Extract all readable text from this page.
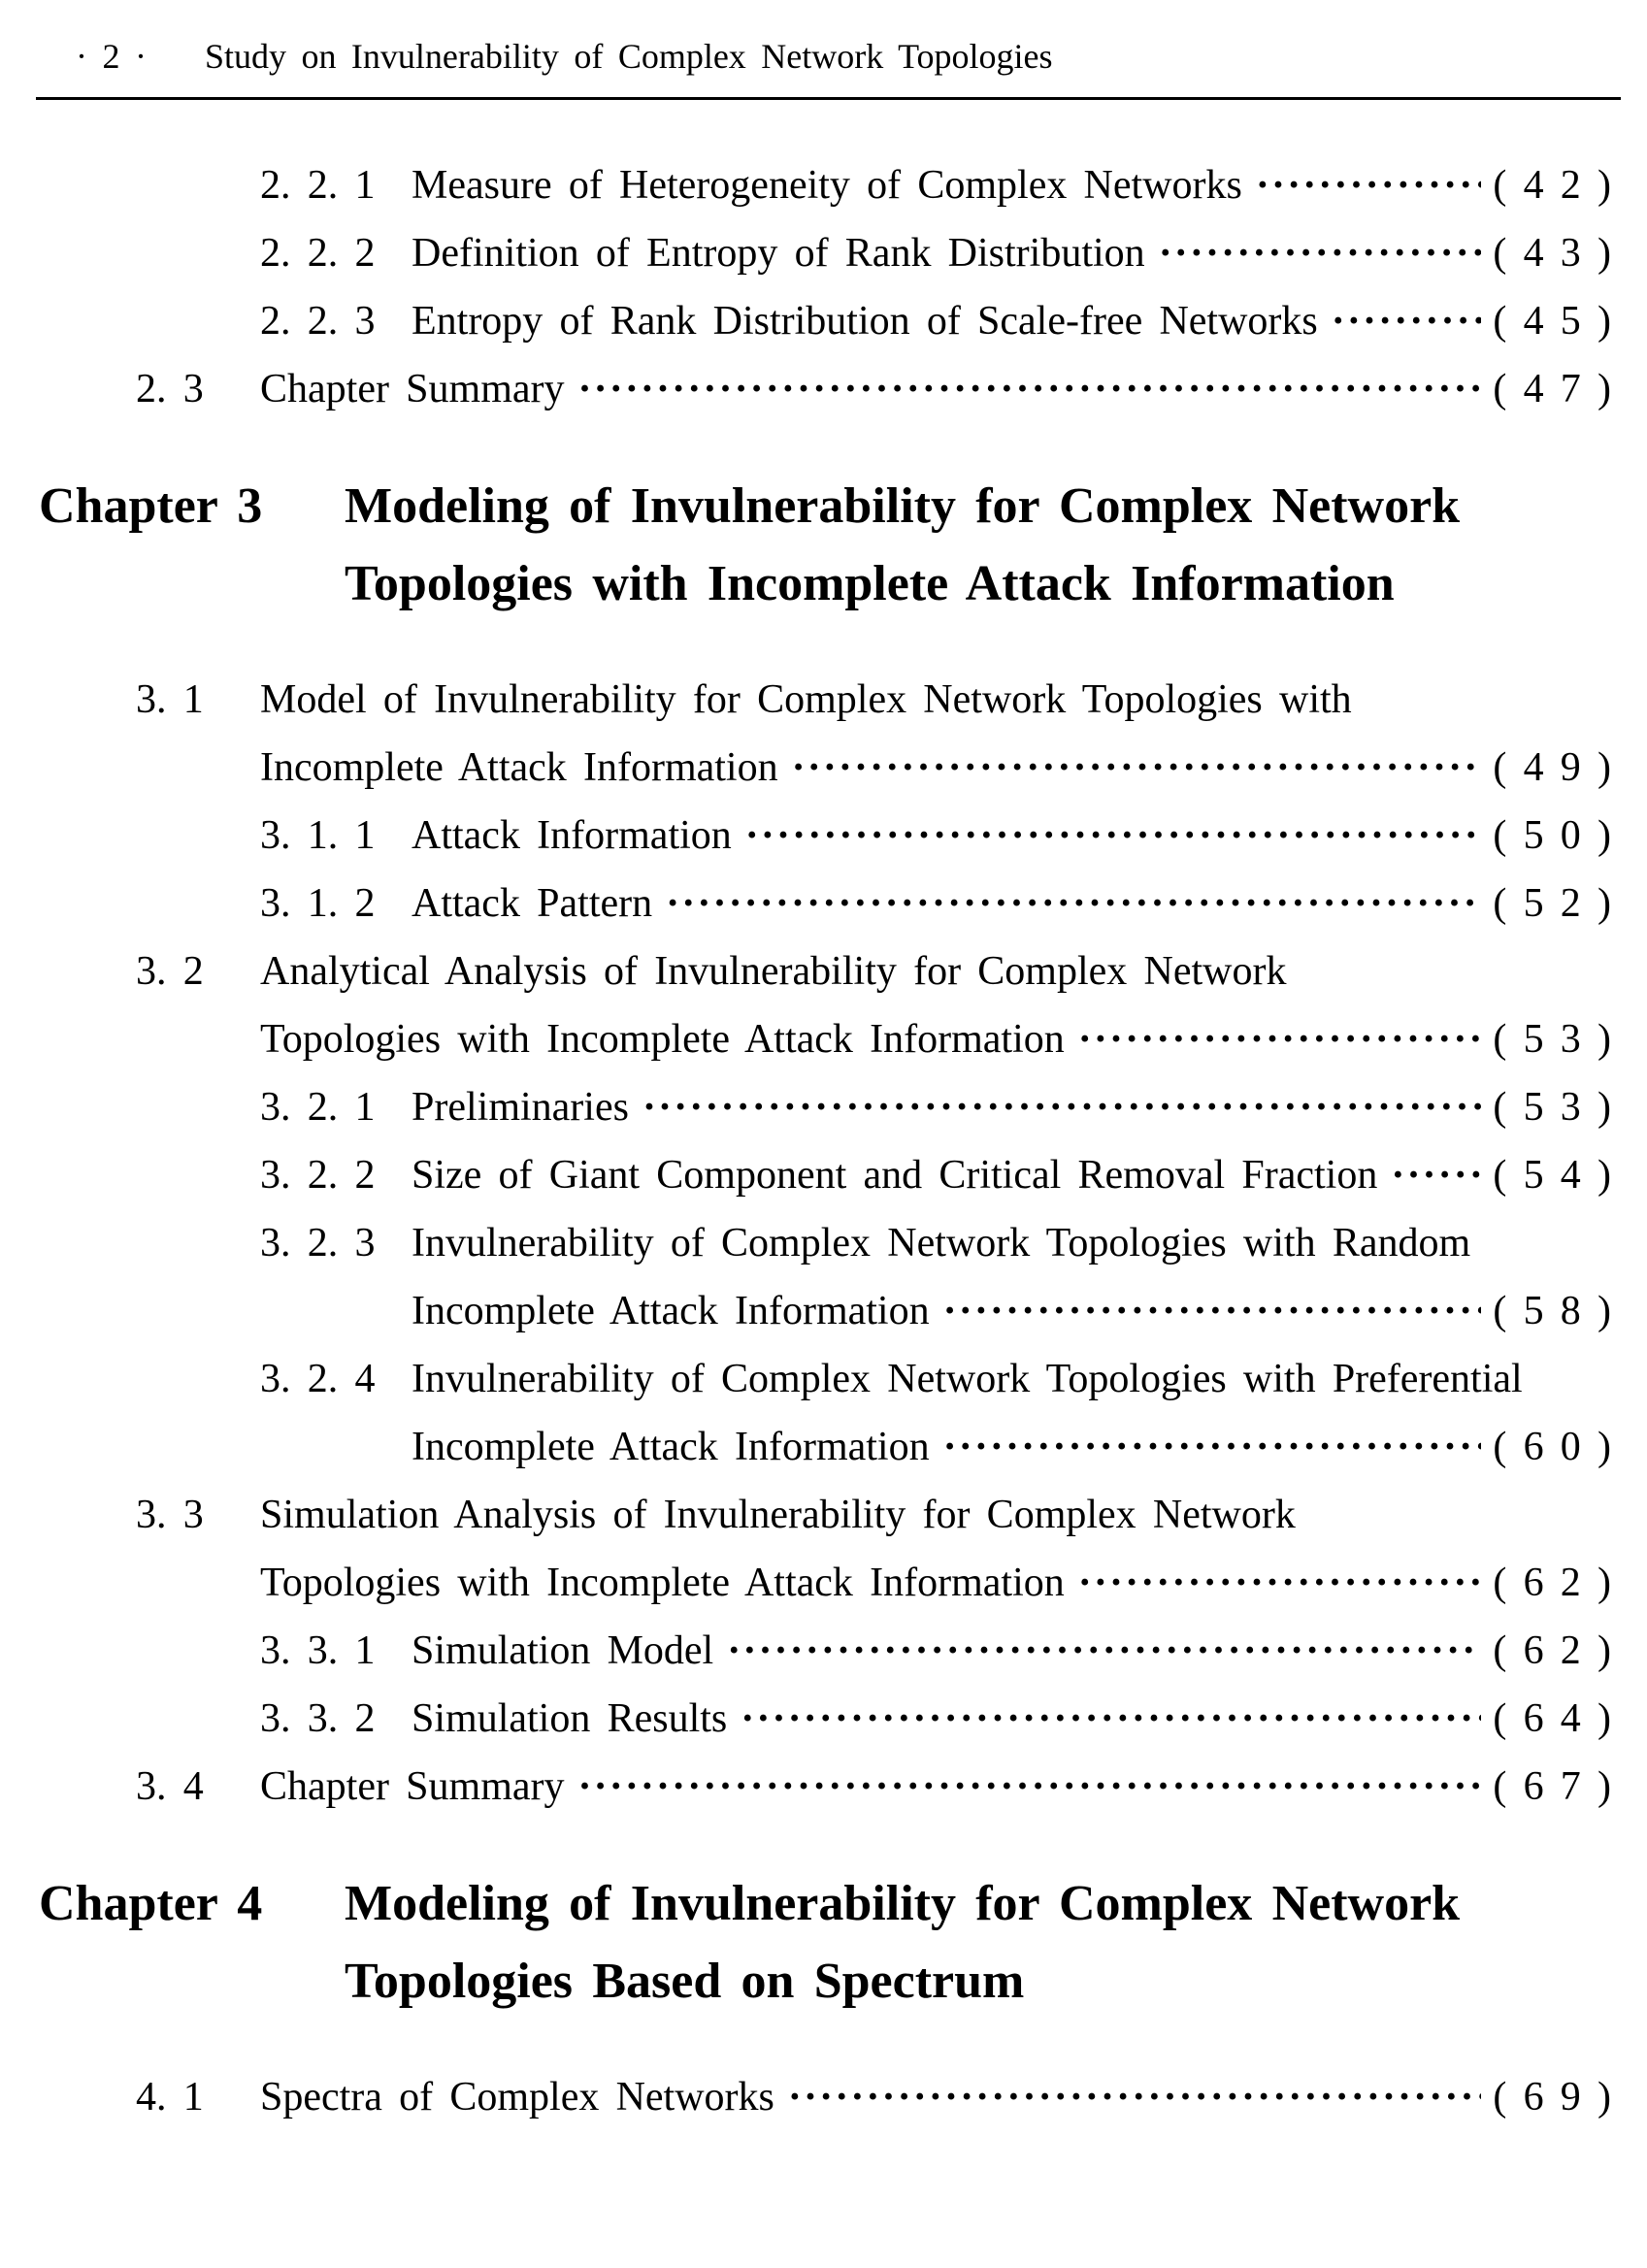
· 2 · Study on Invulnerability of Complex Network Topologies
2. 2. 1 Measure of Heterogeneity of Complex Networks ·····	( 4 2 )
2. 2. 2 Definition of Entropy of Rank Distribution ·····	( 4 3 )
2. 2. 3 Entropy of Rank Distribution of Scale-free Networks ·····	( 4 5 )
2. 3	Chapter Summary ·····	( 4 7 )
Chapter 3	Modeling of Invulnerability for Complex Network
Topologies with Incomplete Attack Information
3. 1	Model of Invulnerability for Complex Network Topologies with
Incomplete Attack Information ·····	( 4 9 )
3. 1. 1 Attack Information ·····	( 5 0 )
3. 1. 2 Attack Pattern ·····	( 5 2 )
3. 2	Analytical Analysis of Invulnerability for Complex Network
Topologies with Incomplete Attack Information ·····	( 5 3 )
3. 2. 1 Preliminaries ·····	( 5 3 )
3. 2. 2 Size of Giant Component and Critical Removal Fraction ·····	( 5 4 )
3. 2. 3 Invulnerability of Complex Network Topologies with Random
Incomplete Attack Information ·····	( 5 8 )
3. 2. 4 Invulnerability of Complex Network Topologies with Preferential
Incomplete Attack Information ·····	( 6 0 )
3. 3	Simulation Analysis of Invulnerability for Complex Network
Topologies with Incomplete Attack Information ·····	( 6 2 )
3. 3. 1 Simulation Model ·····	( 6 2 )
3. 3. 2 Simulation Results ·····	( 6 4 )
3. 4	Chapter Summary ·····	( 6 7 )
Chapter 4	Modeling of Invulnerability for Complex Network
Topologies Based on Spectrum
4. 1	Spectra of Complex Networks ·····	( 6 9 )
